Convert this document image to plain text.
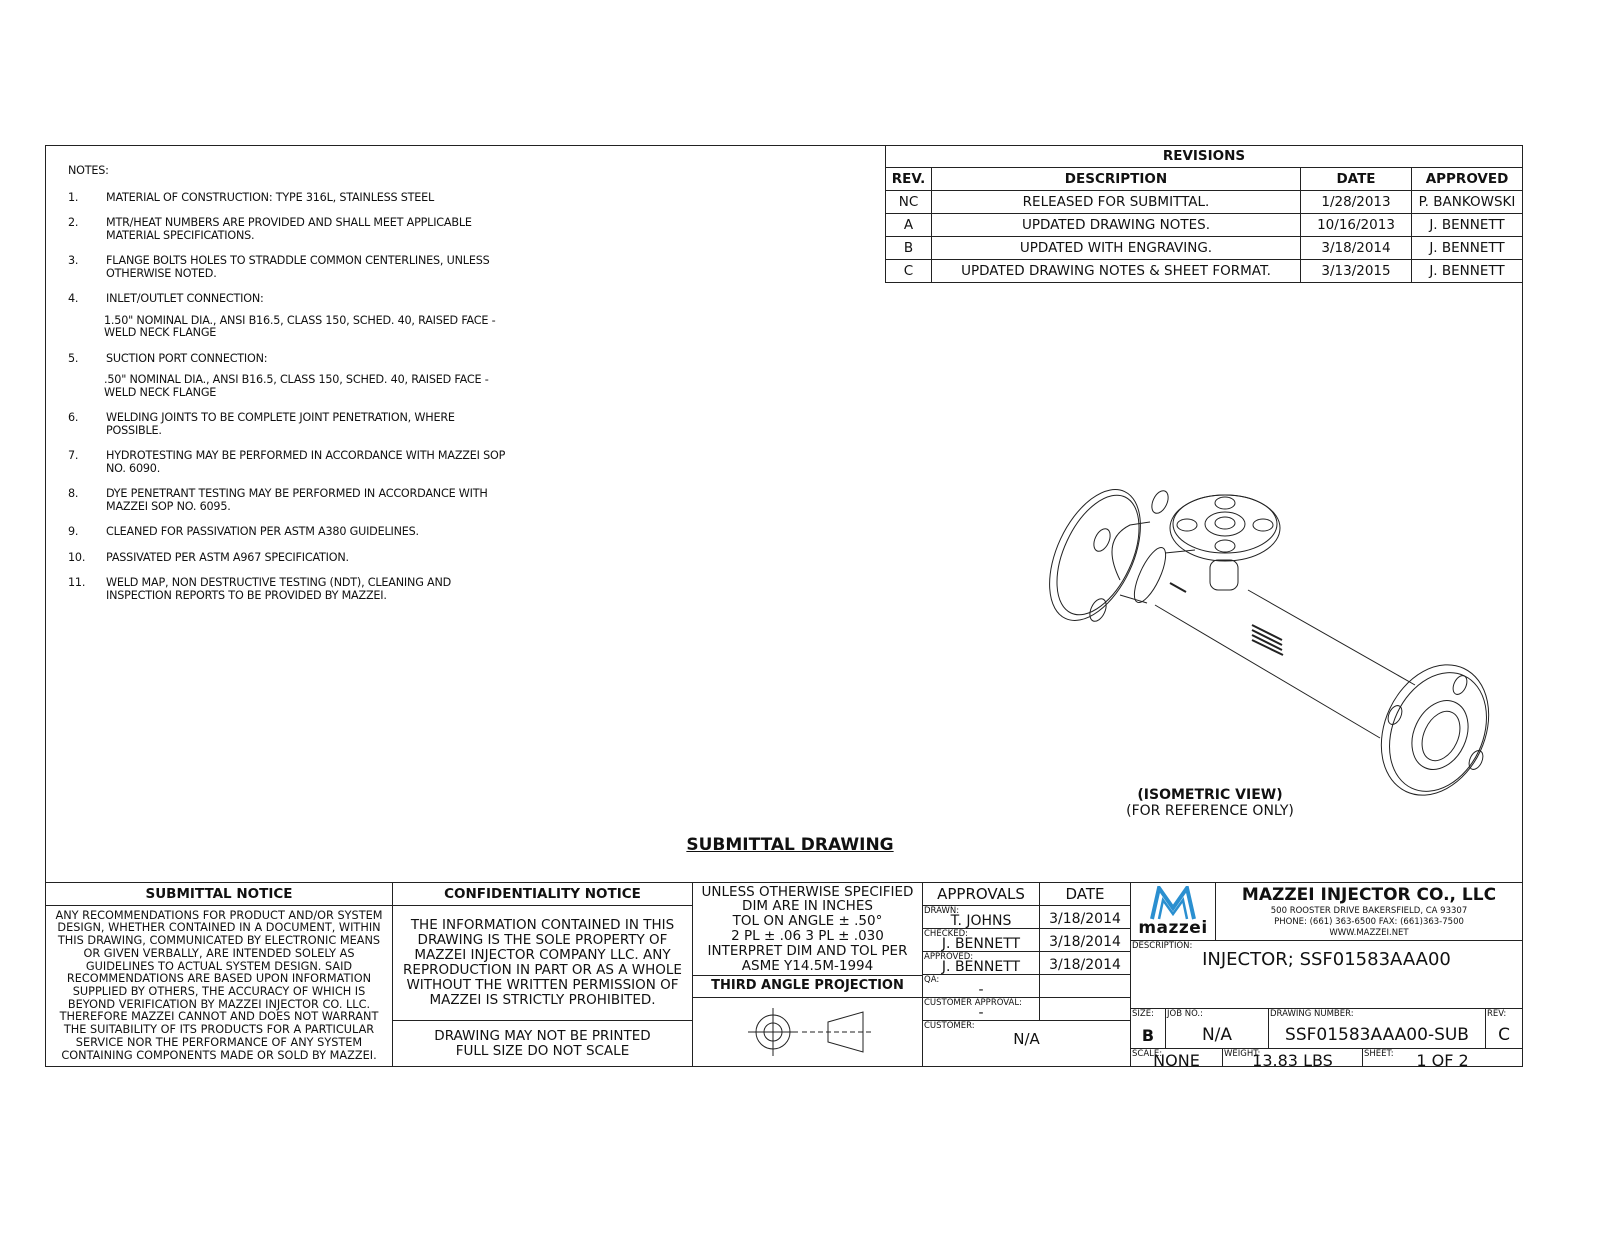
NOTES:
1.	MATERIAL OF CONSTRUCTION: TYPE 316L, STAINLESS STEEL
2.	MTR/HEAT NUMBERS ARE PROVIDED AND SHALL MEET APPLICABLE MATERIAL SPECIFICATIONS.
3.	FLANGE BOLTS HOLES TO STRADDLE COMMON CENTERLINES, UNLESS OTHERWISE NOTED.
4.	INLET/OUTLET CONNECTION:
1.50" NOMINAL DIA., ANSI B16.5, CLASS 150, SCHED. 40, RAISED FACE - WELD NECK FLANGE
5.	SUCTION PORT CONNECTION:
.50" NOMINAL DIA., ANSI B16.5, CLASS 150, SCHED. 40, RAISED FACE - WELD NECK FLANGE
6.	WELDING JOINTS TO BE COMPLETE JOINT PENETRATION, WHERE POSSIBLE.
7.	HYDROTESTING MAY BE PERFORMED IN ACCORDANCE WITH MAZZEI SOP NO. 6090.
8.	DYE PENETRANT TESTING MAY BE PERFORMED IN ACCORDANCE WITH MAZZEI SOP NO. 6095.
9.	CLEANED FOR PASSIVATION PER ASTM A380 GUIDELINES.
10.	PASSIVATED PER ASTM A967 SPECIFICATION.
11.	WELD MAP, NON DESTRUCTIVE TESTING (NDT), CLEANING AND INSPECTION REPORTS TO BE PROVIDED BY MAZZEI.
REVISIONS
REV.	DESCRIPTION	DATE	APPROVED
NC	RELEASED FOR SUBMITTAL.	1/28/2013	P. BANKOWSKI
A	UPDATED DRAWING NOTES.	10/16/2013	J. BENNETT
B	UPDATED WITH ENGRAVING.	3/18/2014	J. BENNETT
C	UPDATED DRAWING NOTES & SHEET FORMAT.	3/13/2015	J. BENNETT
(ISOMETRIC VIEW)
(FOR REFERENCE ONLY)
SUBMITTAL DRAWING
SUBMITTAL NOTICE
ANY RECOMMENDATIONS FOR PRODUCT AND/OR SYSTEM DESIGN, WHETHER CONTAINED IN A DOCUMENT, WITHIN THIS DRAWING, COMMUNICATED BY ELECTRONIC MEANS OR GIVEN VERBALLY, ARE INTENDED SOLELY AS GUIDELINES TO ACTUAL SYSTEM DESIGN. SAID RECOMMENDATIONS ARE BASED UPON INFORMATION SUPPLIED BY OTHERS, THE ACCURACY OF WHICH IS BEYOND VERIFICATION BY MAZZEI INJECTOR CO. LLC. THEREFORE MAZZEI CANNOT AND DOES NOT WARRANT THE SUITABILITY OF ITS PRODUCTS FOR A PARTICULAR SERVICE NOR THE PERFORMANCE OF ANY SYSTEM CONTAINING COMPONENTS MADE OR SOLD BY MAZZEI.
CONFIDENTIALITY NOTICE
THE INFORMATION CONTAINED IN THIS DRAWING IS THE SOLE PROPERTY OF MAZZEI INJECTOR COMPANY LLC. ANY REPRODUCTION IN PART OR AS A WHOLE WITHOUT THE WRITTEN PERMISSION OF MAZZEI IS STRICTLY PROHIBITED.
DRAWING MAY NOT BE PRINTED FULL SIZE DO NOT SCALE
UNLESS OTHERWISE SPECIFIED
DIM ARE IN INCHES
TOL ON ANGLE ± .50°
2 PL ± .06 3 PL ± .030
INTERPRET DIM AND TOL PER
ASME Y14.5M-1994
THIRD ANGLE PROJECTION
APPROVALS	DATE
DRAWN:
T. JOHNS	3/18/2014
CHECKED:
J. BENNETT	3/18/2014
APPROVED:
J. BENNETT	3/18/2014
QA:
-
CUSTOMER APPROVAL:
-
CUSTOMER:
N/A
mazzei
MAZZEI INJECTOR CO., LLC
500 ROOSTER DRIVE BAKERSFIELD, CA 93307
PHONE: (661) 363-6500 FAX: (661)363-7500
WWW.MAZZEI.NET
DESCRIPTION:
INJECTOR; SSF01583AAA00
SIZE:
B
JOB NO.:
N/A
DRAWING NUMBER:
SSF01583AAA00-SUB
REV:
C
SCALE:
NONE	WEIGHT:
13.83 LBS	SHEET: 1 OF 2
